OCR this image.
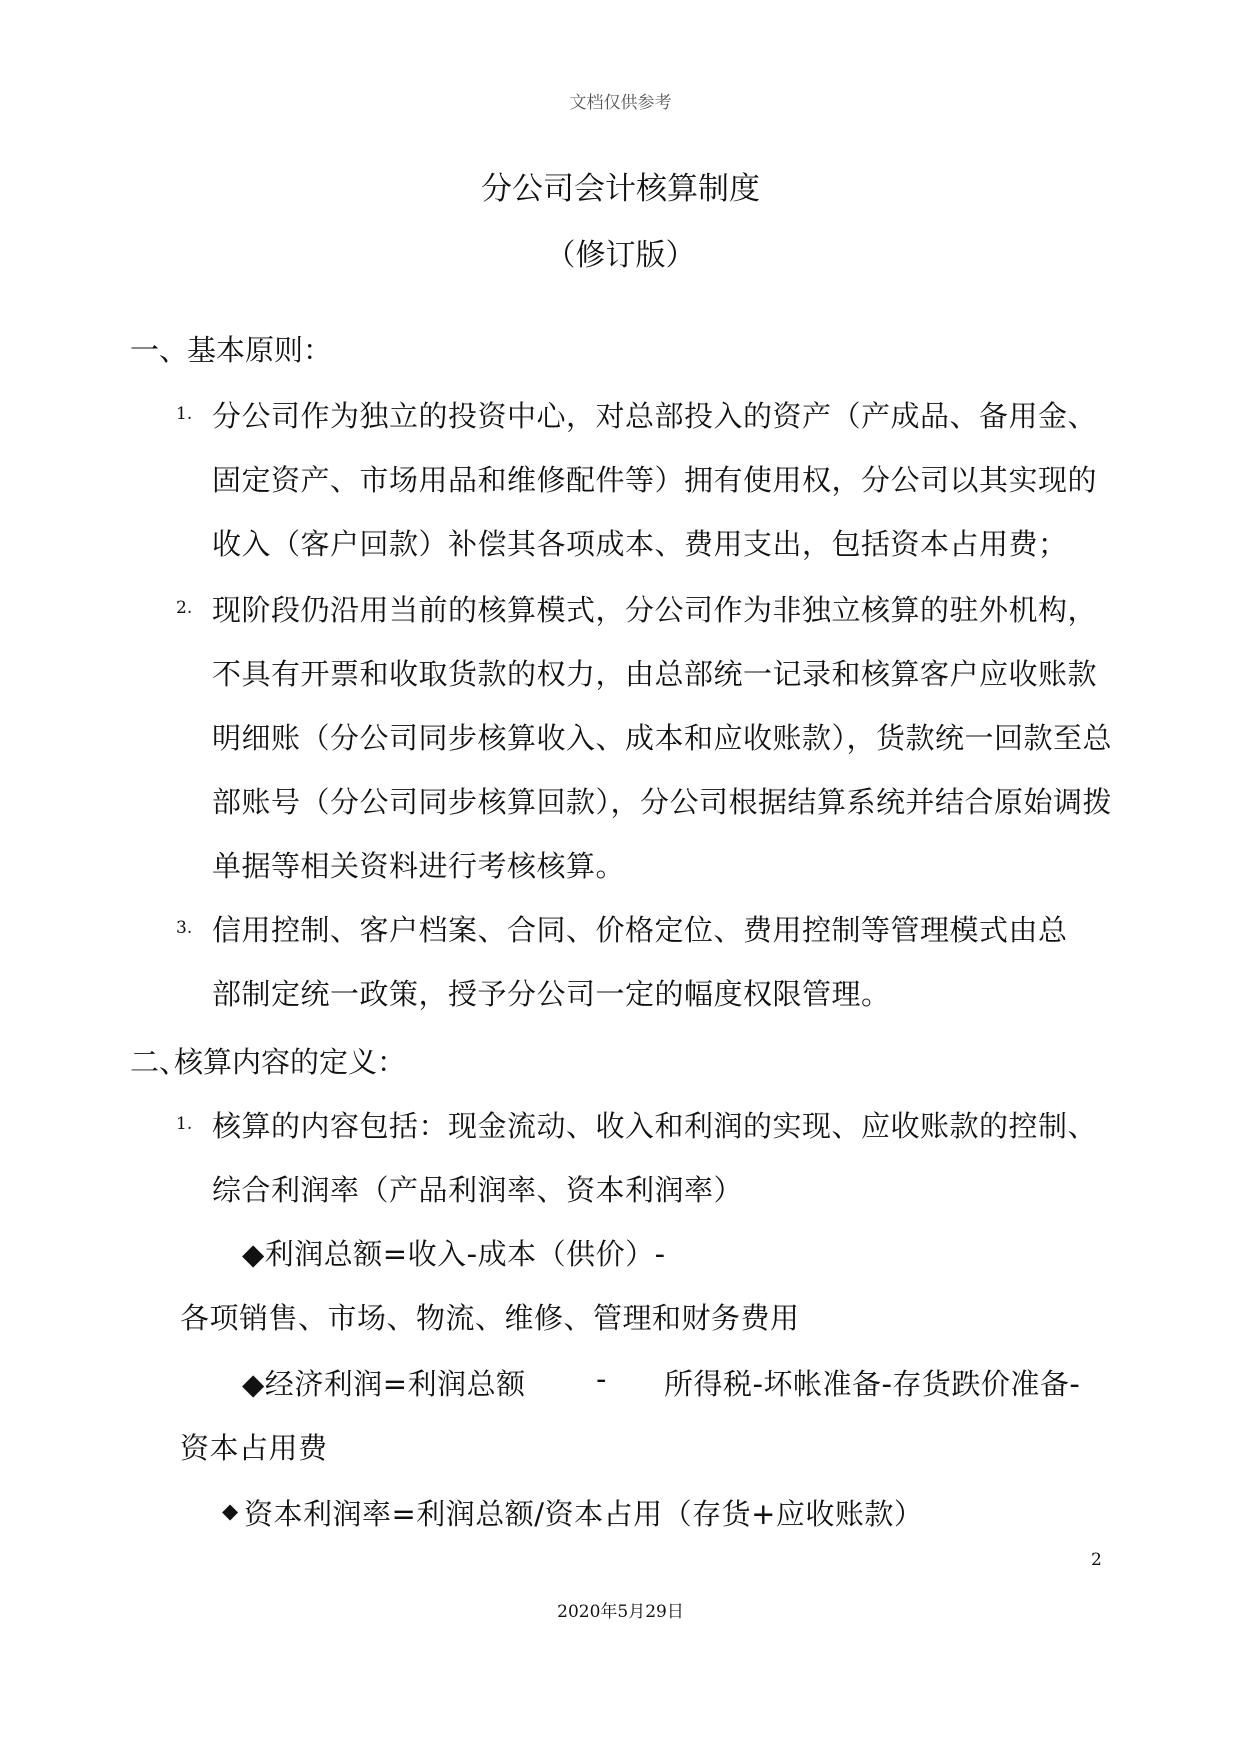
文档仅供参考
分公司会计核算制度
（修订版）
一、
基本原则：
1. 分公司作为独立的投资中心，对总部投入的资产（产成品、备用金、
固定资产、市场用品和维修配件等）拥有使用权，分公司以其实现的
收入（客户回款）补偿其各项成本、费用支出，包括资本占用费；
2. 现阶段仍沿用当前的核算模式，分公司作为非独立核算的驻外机构，
不具有开票和收取货款的权力，由总部统一记录和核算客户应收账款
明细账（分公司同步核算收入、成本和应收账款），货款统一回款至总
部账号（分公司同步核算回款），分公司根据结算系统并结合原始调拨
单据等相关资料进行考核核算。
3. 信用控制、客户档案、合同、价格定位、费用控制等管理模式由总
部制定统一政策，授予分公司一定的幅度权限管理。
二、
核算内容的定义：
1. 核算的内容包括：现金流动、收入和利润的实现、应收账款的控制、
综合利润率（产品利润率、资本利润率）
◆利润总额=收入-成本（供价）-
各项销售、市场、物流、维修、管理和财务费用
◆经济利润=利润总额 - 所得税-坏帐准备-存货跌价准备-
资本占用费
◆ 资本利润率=利润总额/资本占用（存货+应收账款）
2
2020年5月29日
